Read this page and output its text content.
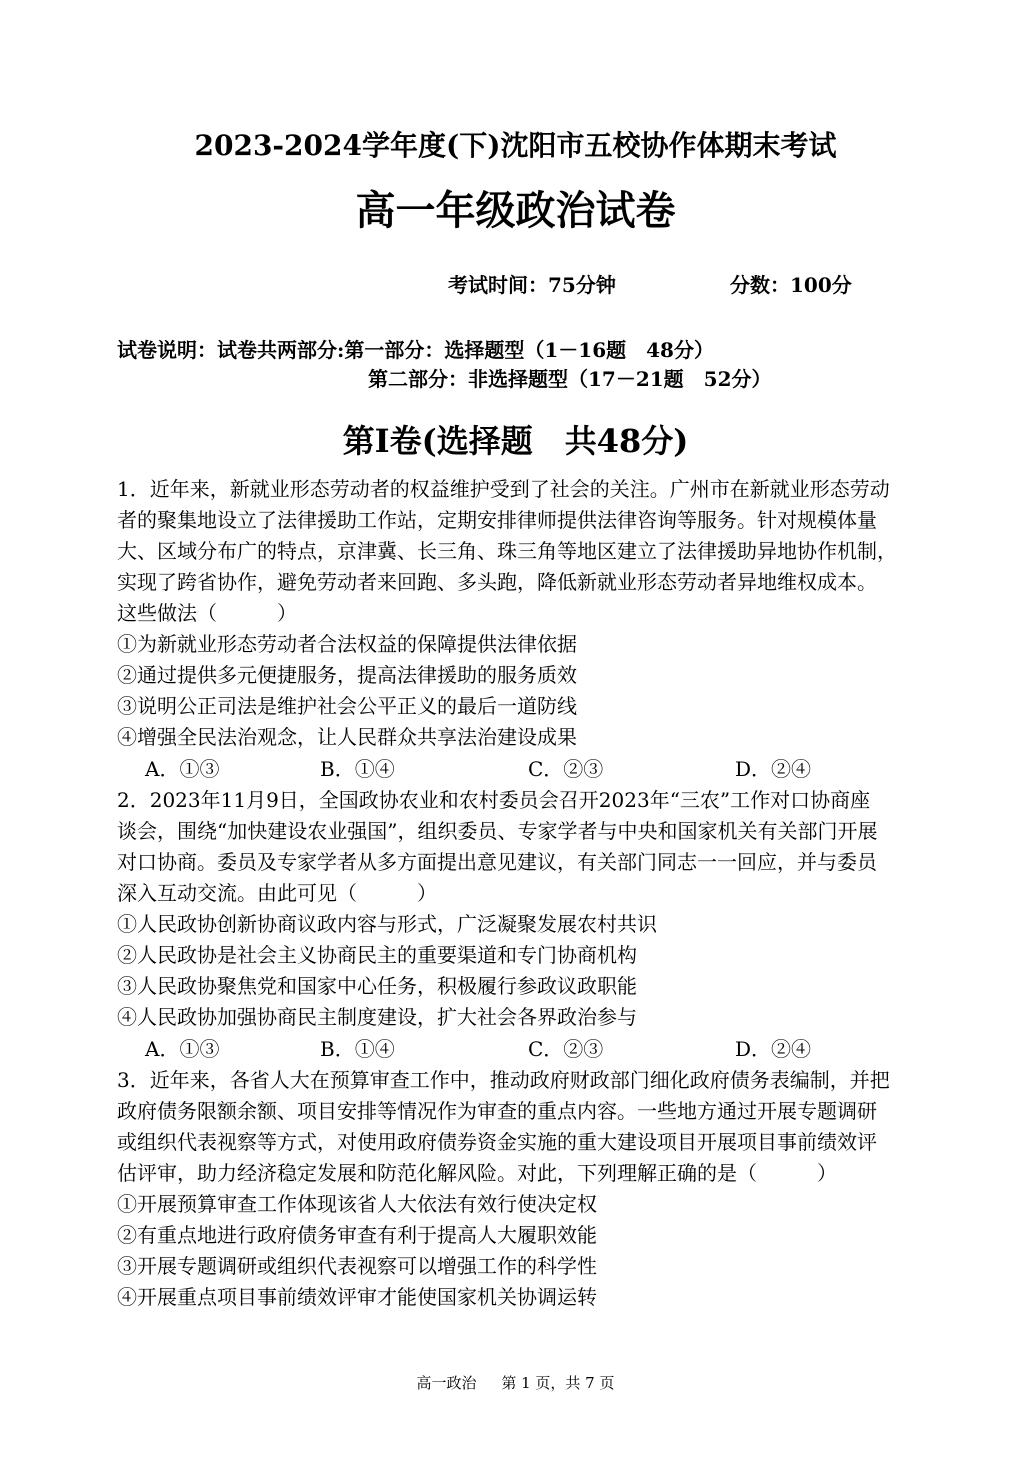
2023-2024学年度(下)沈阳市五校协作体期末考试
高一年级政治试卷
考试时间：75分钟	分数：100分
试卷说明：试卷共两部分:第一部分：选择题型（1－16题　48分）
第二部分：非选择题型（17－21题　52分）
第Ⅰ卷(选择题　共48分)
1．近年来，新就业形态劳动者的权益维护受到了社会的关注。广州市在新就业形态劳动
者的聚集地设立了法律援助工作站，定期安排律师提供法律咨询等服务。针对规模体量
大、区域分布广的特点，京津冀、长三角、珠三角等地区建立了法律援助异地协作机制，
实现了跨省协作，避免劳动者来回跑、多头跑，降低新就业形态劳动者异地维权成本。
这些做法（　　　）
①为新就业形态劳动者合法权益的保障提供法律依据
②通过提供多元便捷服务，提高法律援助的服务质效
③说明公正司法是维护社会公平正义的最后一道防线
④增强全民法治观念，让人民群众共享法治建设成果
A．①③	B．①④	C．②③	D．②④
2．2023年11月9日，全国政协农业和农村委员会召开2023年“三农”工作对口协商座
谈会，围绕“加快建设农业强国”，组织委员、专家学者与中央和国家机关有关部门开展
对口协商。委员及专家学者从多方面提出意见建议，有关部门同志一一回应，并与委员
深入互动交流。由此可见（　　　）
①人民政协创新协商议政内容与形式，广泛凝聚发展农村共识
②人民政协是社会主义协商民主的重要渠道和专门协商机构
③人民政协聚焦党和国家中心任务，积极履行参政议政职能
④人民政协加强协商民主制度建设，扩大社会各界政治参与
A．①③	B．①④	C．②③	D．②④
3．近年来，各省人大在预算审查工作中，推动政府财政部门细化政府债务表编制，并把
政府债务限额余额、项目安排等情况作为审查的重点内容。一些地方通过开展专题调研
或组织代表视察等方式，对使用政府债券资金实施的重大建设项目开展项目事前绩效评
估评审，助力经济稳定发展和防范化解风险。对此，下列理解正确的是（　　　）
①开展预算审查工作体现该省人大依法有效行使决定权
②有重点地进行政府债务审查有利于提高人大履职效能
③开展专题调研或组织代表视察可以增强工作的科学性
④开展重点项目事前绩效评审才能使国家机关协调运转
高一政治 第 1 页，共 7 页
